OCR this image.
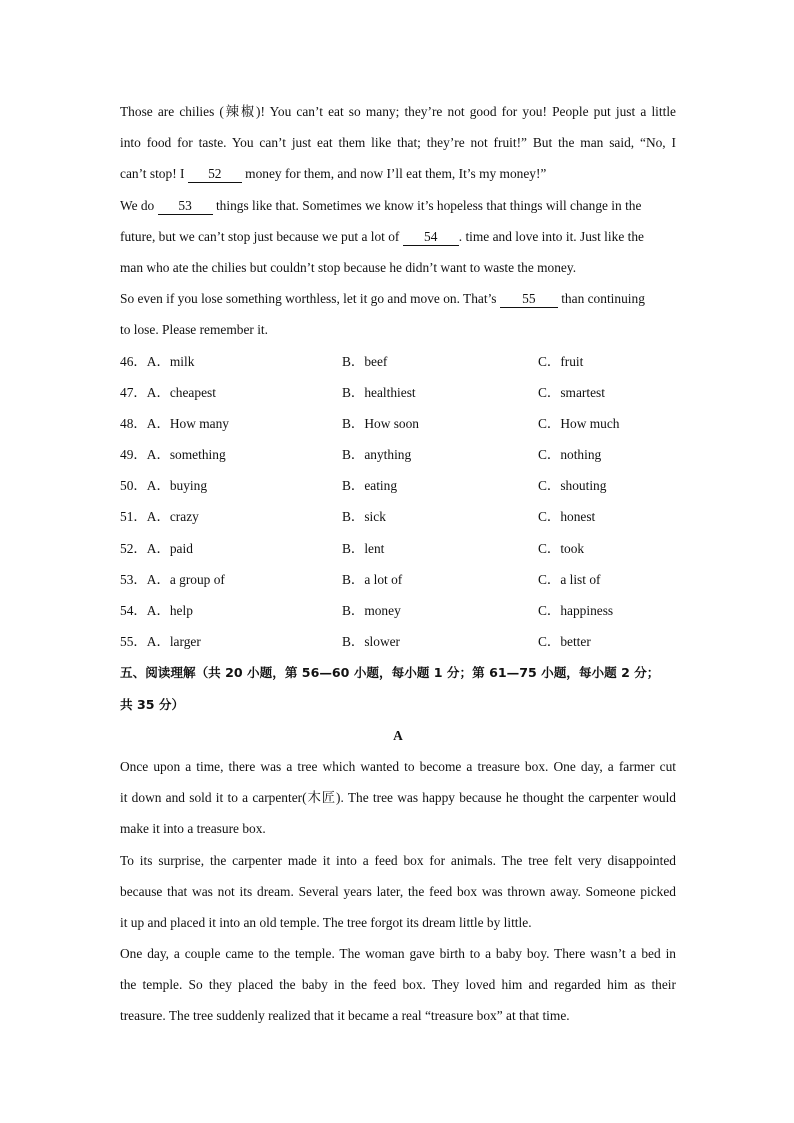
Those are chilies (辣椒)! You can’t eat so many; they’re not good for you! People put just a little
into food for taste. You can’t just eat them like that; they’re not fruit!” But the man said, “No, I
can’t stop! I 52 money for them, and now I’ll eat them, It’s my money!”
We do 53 things like that. Sometimes we know it’s hopeless that things will change in the
future, but we can’t stop just because we put a lot of 54 . time and love into it. Just like the
man who ate the chilies but couldn’t stop because he didn’t want to waste the money.
So even if you lose something worthless, let it go and move on. That’s 55 than continuing
to lose. Please remember it.
46．A．milk	B．beef	C．fruit
47．A．cheapest	B．healthiest	C．smartest
48．A．How many	B．How soon	C．How much
49．A．something	B．anything	C．nothing
50．A．buying	B．eating	C．shouting
51．A．crazy	B．sick	C．honest
52．A．paid	B．lent	C．took
53．A．a group of	B．a lot of	C．a list of
54．A．help	B．money	C．happiness
55．A．larger	B．slower	C．better
五、阅读理解（共 20 小题，第 56—60 小题，每小题 1 分；第 61—75 小题，每小题 2 分；
共 35 分）
A
Once upon a time, there was a tree which wanted to become a treasure box. One day, a farmer cut
it down and sold it to a carpenter(木匠). The tree was happy because he thought the carpenter would
make it into a treasure box.
To its surprise, the carpenter made it into a feed box for animals. The tree felt very disappointed
because that was not its dream. Several years later, the feed box was thrown away. Someone picked
it up and placed it into an old temple. The tree forgot its dream little by little.
One day, a couple came to the temple. The woman gave birth to a baby boy. There wasn’t a bed in
the temple. So they placed the baby in the feed box. They loved him and regarded him as their
treasure. The tree suddenly realized that it became a real “treasure box” at that time.
